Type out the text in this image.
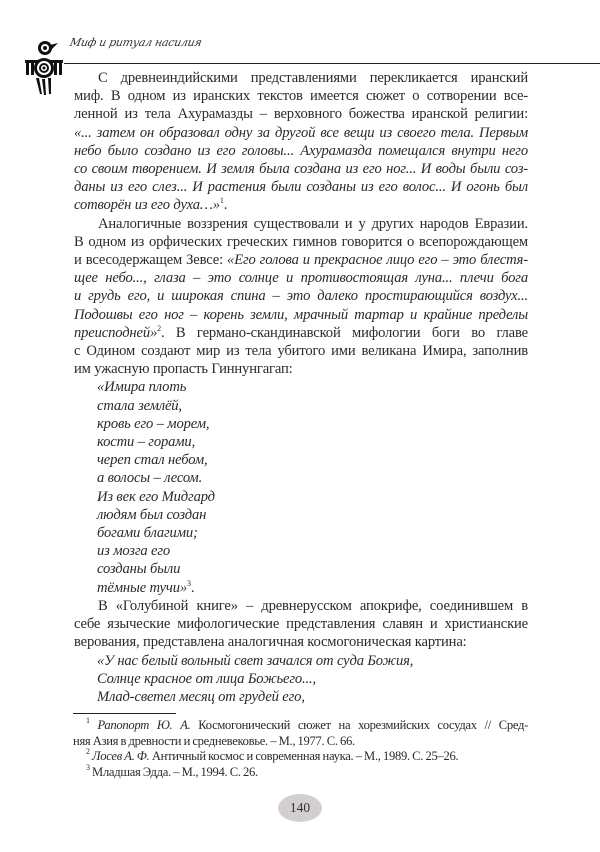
Миф и ритуал насилия
С древнеиндийскими представлениями перекликается иранский
миф. В одном из иранских текстов имеется сюжет о сотворении все-
ленной из тела Ахурамазды – верховного божества иранской религии:
«... затем он образовал одну за другой все вещи из своего тела. Первым
небо было создано из его головы... Ахурамазда помещался внутри него
со своим творением. И земля была создана из его ног... И воды были соз-
даны из его слез... И растения были созданы из его волос... И огонь был
сотворён из его духа…»$^1$.
Аналогичные воззрения существовали и у других народов Евразии.
В одном из орфических греческих гимнов говорится о всепорождающем
и всесодержащем Зевсе: «Его голова и прекрасное лицо его – это блестя-
щее небо..., глаза – это солнце и противостоящая луна... плечи бога
и грудь его, и широкая спина – это далеко простирающийся воздух...
Подошвы его ног – корень земли, мрачный тартар и крайние пределы
преисподней»$^2$. В германо-скандинавской мифологии боги во главе
с Одином создают мир из тела убитого ими великана Имира, заполнив
им ужасную пропасть Гиннунгагап:
«Имира плоть
стала землёй,
кровь его – морем,
кости – горами,
череп стал небом,
а волосы – лесом.
Из век его Мидгард
людям был создан
богами благими;
из мозга его
созданы были
тёмные тучи»$^3$.
В «Голубиной книге» – древнерусском апокрифе, соединившем в
себе языческие мифологические представления славян и христианские
верования, представлена аналогичная космогоническая картина:
«У нас белый вольный свет зачался от суда Божия,
Солнце красное от лица Божьего...,
Млад-светел месяц от грудей его,
$^1$ Рапопорт Ю. А. Космогонический сюжет на хорезмийских сосудах // Сред-
няя Азия в древности и средневековье. – М., 1977. С. 66.
$^2$ Лосев А. Ф. Античный космос и современная наука. – М., 1989. С. 25–26.
$^3$ Младшая Эдда. – М., 1994. С. 26.
140
